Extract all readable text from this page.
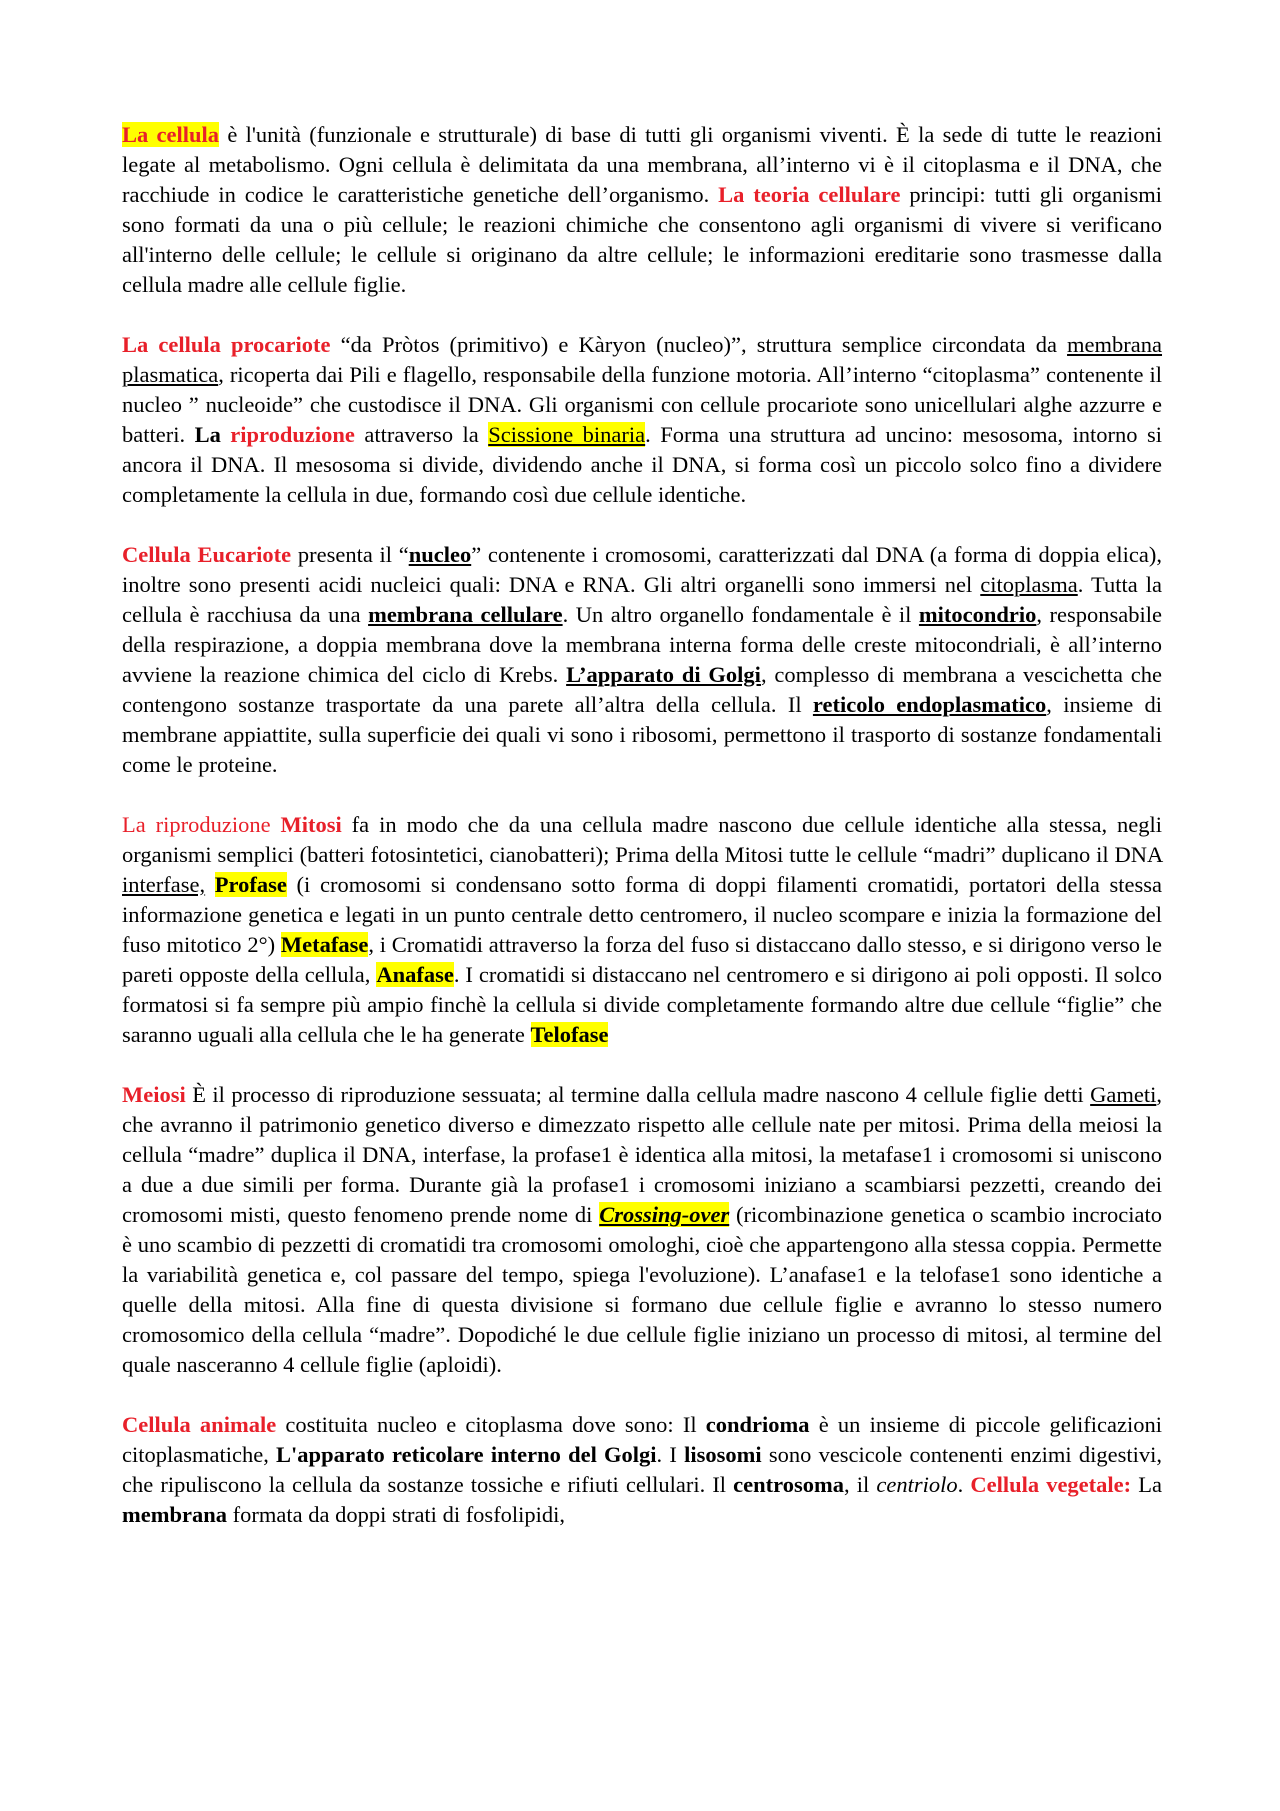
La cellula è l'unità (funzionale e strutturale) di base di tutti gli organismi viventi. È la sede di tutte le reazioni legate al metabolismo. Ogni cellula è delimitata da una membrana, all’interno vi è il citoplasma e il DNA, che racchiude in codice le caratteristiche genetiche dell’organismo. La teoria cellulare principi: tutti gli organismi sono formati da una o più cellule; le reazioni chimiche che consentono agli organismi di vivere si verificano all'interno delle cellule; le cellule si originano da altre cellule; le informazioni ereditarie sono trasmesse dalla cellula madre alle cellule figlie.

La cellula procariote “da Pròtos (primitivo) e Kàryon (nucleo)”, struttura semplice circondata da membrana plasmatica, ricoperta dai Pili e flagello, responsabile della funzione motoria. All’interno “citoplasma” contenente il nucleo ” nucleoide” che custodisce il DNA. Gli organismi con cellule procariote sono unicellulari alghe azzurre e batteri. La riproduzione attraverso la Scissione binaria. Forma una struttura ad uncino: mesosoma, intorno si ancora il DNA. Il mesosoma si divide, dividendo anche il DNA, si forma così un piccolo solco fino a dividere completamente la cellula in due, formando così due cellule identiche.

Cellula Eucariote presenta il “nucleo” contenente i cromosomi, caratterizzati dal DNA (a forma di doppia elica), inoltre sono presenti acidi nucleici quali: DNA e RNA. Gli altri organelli sono immersi nel citoplasma. Tutta la cellula è racchiusa da una membrana cellulare. Un altro organello fondamentale è il mitocondrio, responsabile della respirazione, a doppia membrana dove la membrana interna forma delle creste mitocondriali, è all’interno avviene la reazione chimica del ciclo di Krebs. L’apparato di Golgi, complesso di membrana a vescichetta che contengono sostanze trasportate da una parete all’altra della cellula. Il reticolo endoplasmatico, insieme di membrane appiattite, sulla superficie dei quali vi sono i ribosomi, permettono il trasporto di sostanze fondamentali come le proteine.

La riproduzione Mitosi fa in modo che da una cellula madre nascono due cellule identiche alla stessa, negli organismi semplici (batteri fotosintetici, cianobatteri); Prima della Mitosi tutte le cellule “madri” duplicano il DNA interfase, Profase (i cromosomi si condensano sotto forma di doppi filamenti cromatidi, portatori della stessa informazione genetica e legati in un punto centrale detto centromero, il nucleo scompare e inizia la formazione del fuso mitotico 2°) Metafase, i Cromatidi attraverso la forza del fuso si distaccano dallo stesso, e si dirigono verso le pareti opposte della cellula, Anafase. I cromatidi si distaccano nel centromero e si dirigono ai poli opposti. Il solco formatosi si fa sempre più ampio finchè la cellula si divide completamente formando altre due cellule “figlie” che saranno uguali alla cellula che le ha generate Telofase

Meiosi È il processo di riproduzione sessuata; al termine dalla cellula madre nascono 4 cellule figlie detti Gameti, che avranno il patrimonio genetico diverso e dimezzato rispetto alle cellule nate per mitosi. Prima della meiosi la cellula “madre” duplica il DNA, interfase, la profase1 è identica alla mitosi, la metafase1 i cromosomi si uniscono a due a due simili per forma. Durante già la profase1 i cromosomi iniziano a scambiarsi pezzetti, creando dei cromosomi misti, questo fenomeno prende nome di Crossing-over (ricombinazione genetica o scambio incrociato è uno scambio di pezzetti di cromatidi tra cromosomi omologhi, cioè che appartengono alla stessa coppia. Permette la variabilità genetica e, col passare del tempo, spiega l'evoluzione). L’anafase1 e la telofase1 sono identiche a quelle della mitosi. Alla fine di questa divisione si formano due cellule figlie e avranno lo stesso numero cromosomico della cellula “madre”. Dopodiché le due cellule figlie iniziano un processo di mitosi, al termine del quale nasceranno 4 cellule figlie (aploidi).

Cellula animale costituita nucleo e citoplasma dove sono: Il condrioma è un insieme di piccole gelificazioni citoplasmatiche, L'apparato reticolare interno del Golgi. I lisosomi sono vescicole contenenti enzimi digestivi, che ripuliscono la cellula da sostanze tossiche e rifiuti cellulari. Il centrosoma, il centriolo. Cellula vegetale: La membrana formata da doppi strati di fosfolipidi,
